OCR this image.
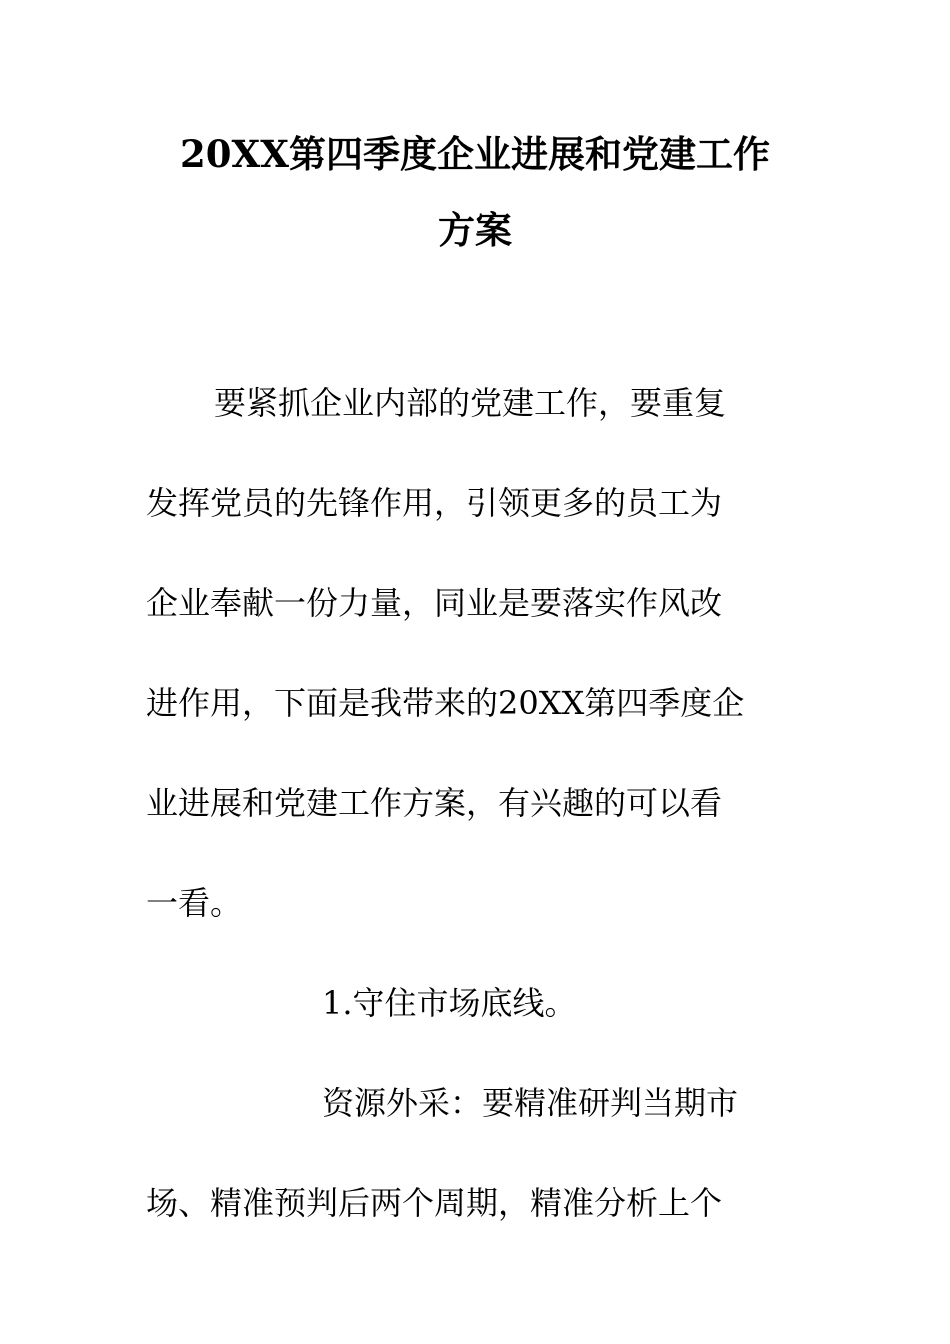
20XX第四季度企业进展和党建工作
方案
要紧抓企业内部的党建工作，要重复
发挥党员的先锋作用，引领更多的员工为
企业奉献一份力量，同业是要落实作风改
进作用，下面是我带来的20XX第四季度企
业进展和党建工作方案，有兴趣的可以看
一看。
1.守住市场底线。
资源外采：要精准研判当期市
场、精准预判后两个周期，精准分析上个
